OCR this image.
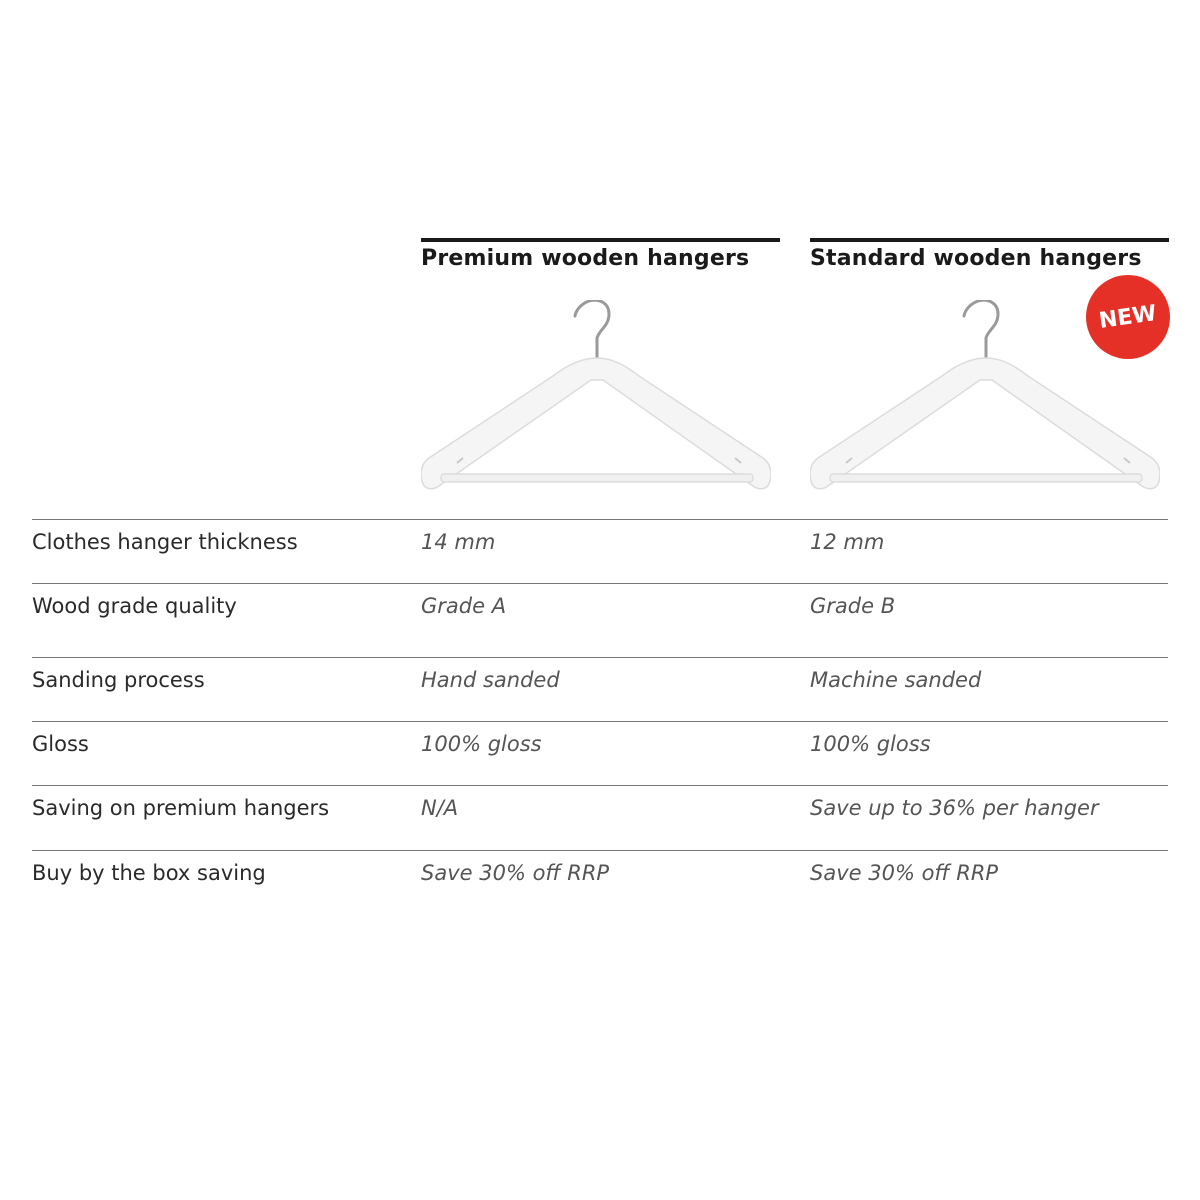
Premium wooden hangers	Standard wooden hangers
NEW
Clothes hanger thickness	14 mm	12 mm
Wood grade quality	Grade A	Grade B
Sanding process	Hand sanded	Machine sanded
Gloss	100% gloss	100% gloss
Saving on premium hangers	N/A	Save up to 36% per hanger
Buy by the box saving	Save 30% off RRP	Save 30% off RRP
